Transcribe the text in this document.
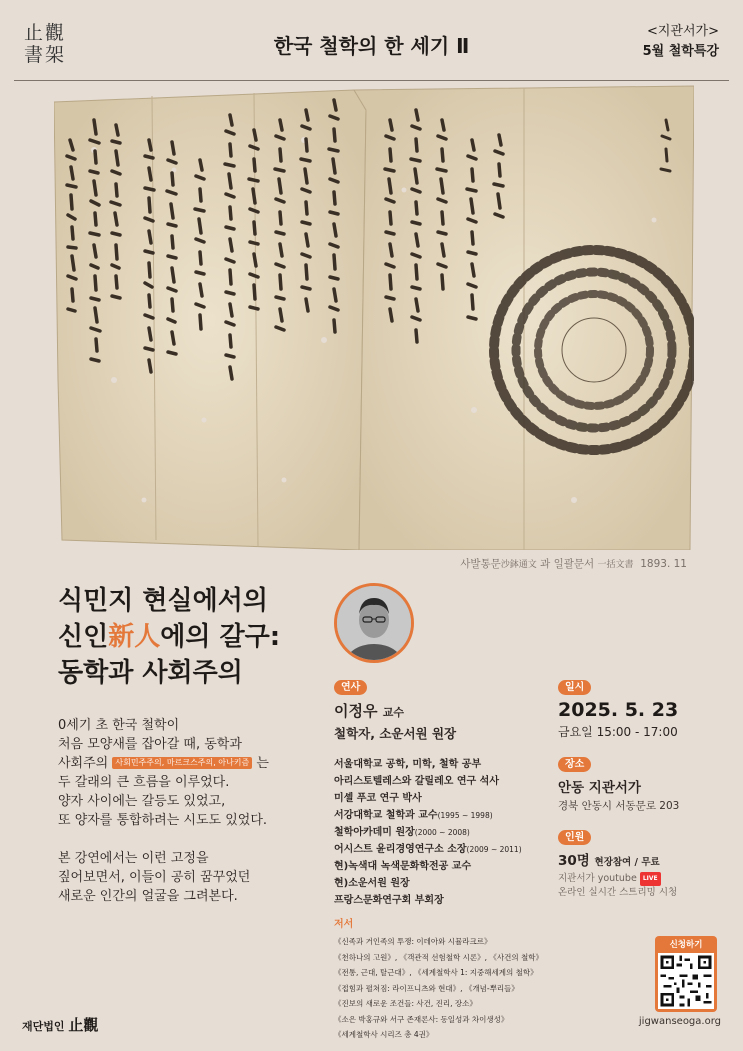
止觀
書架	한국 철학의 한 세기 Ⅱ
<지관서가>
5월 철학특강
사발통문沙鉢通文 과 일괄문서 一括文書 1893. 11
식민지 현실에서의
신인新人에의 갈구:
동학과 사회주의
0세기 초 한국 철학이
처음 모양새를 잡아갈 때, 동학과
사회주의 사회민주주의, 마르크스주의, 아나키즘 는
두 갈래의 큰 흐름을 이루었다.
양자 사이에는 갈등도 있었고,
또 양자를 통합하려는 시도도 있었다.
본 강연에서는 이런 고정을
짚어보면서, 이들이 공히 꿈꾸었던
새로운 인간의 얼굴을 그려본다.
연사
이정우 교수
철학자, 소운서원 원장
서울대학교 공학, 미학, 철학 공부
아리스토텔레스와 갈릴레오 연구 석사
미셸 푸코 연구 박사
서강대학교 철학과 교수(1995 ~ 1998)
철학아카데미 원장(2000 ~ 2008)
어시스트 윤리경영연구소 소장(2009 ~ 2011)
현)녹색대 녹색문화학전공 교수
현)소운서원 원장
프랑스문화연구회 부회장
저서
《신족과 거인족의 투쟁: 이데아와 시뮬라크르》
《천하나의 고원》, 《객관적 선험철학 시론》, 《사건의 철학》
《전통, 근대, 탈근대》, 《세계철학사 1: 지중해세계의 철학》
《접힘과 펼쳐짐: 라이프니츠와 현대》, 《개념-뿌리들》
《진보의 새로운 조건들: 사건, 진리, 장소》
《소은 박홍규와 서구 존재론사: 동일성과 차이생성》
《세계철학사 시리즈 총 4권》
일시
2025. 5. 23
금요일 15:00 - 17:00
장소
안동 지관서가
경북 안동시 서동문로 203
인원
30명 현장참여 / 무료
지관서가 youtube LIVE
온라인 실시간 스트리밍 시청
신청하기
재단법인 止觀	jigwanseoga.org
